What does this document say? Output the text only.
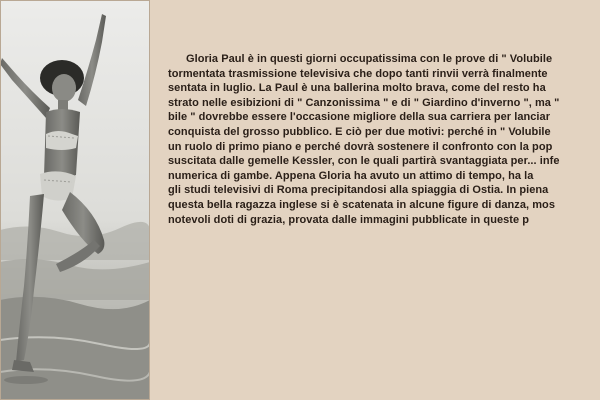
Gloria Paul è in questi giorni occupatissima con le prove di " Volubile
tormentata trasmissione televisiva che dopo tanti rinvii verrà finalmente
sentata in luglio. La Paul è una ballerina molto brava, come del resto ha
strato nelle esibizioni di " Canzonissima " e di " Giardino d'inverno ", ma "
bile " dovrebbe essere l'occasione migliore della sua carriera per lanciar
conquista del grosso pubblico. E ciò per due motivi: perché in " Volubile
un ruolo di primo piano e perché dovrà sostenere il confronto con la pop
suscitata dalle gemelle Kessler, con le quali partirà svantaggiata per... infe
numerica di gambe. Appena Gloria ha avuto un attimo di tempo, ha la
gli studi televisivi di Roma precipitandosi alla spiaggia di Ostia. In piena
questa bella ragazza inglese si è scatenata in alcune figure di danza, mos
notevoli doti di grazia, provata dalle immagini pubblicate in queste p
